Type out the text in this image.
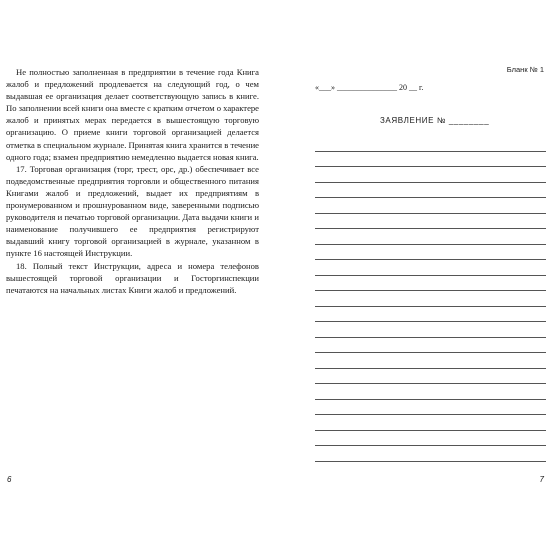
Не полностью заполненная в предприятии в течение года Книга жалоб и предложений продлевается на следующий год, о чем выдавшая ее организация делает соответствующую запись в книге. По заполнении всей книги она вместе с кратким отчетом о характере жалоб и принятых мерах передается в вышестоящую торговую организацию. О приеме книги торговой организацией делается отметка в специальном журнале. Принятая книга хранится в течение одного года; взамен предприятию немедленно выдается новая книга.

17. Торговая организация (торг, трест, орс, др.) обеспечивает все подведомственные предприятия торговли и общественного питания Книгами жалоб и предложений, выдает их предприятиям в пронумерованном и прошнурованном виде, заверенными подписью руководителя и печатью торговой организации. Дата выдачи книги и наименование получившего ее предприятия регистрируют выдавший книгу торговой организацией в журнале, указанном в пункте 16 настоящей Инструкции.

18. Полный текст Инструкции, адреса и номера телефонов вышестоящей торговой организации и Госторгинспекции печатаются на начальных листах Книги жалоб и предложений.

6
Бланк № 1
«___» _______________ 20 __ г.
ЗАЯВЛЕНИЕ № ________
7
